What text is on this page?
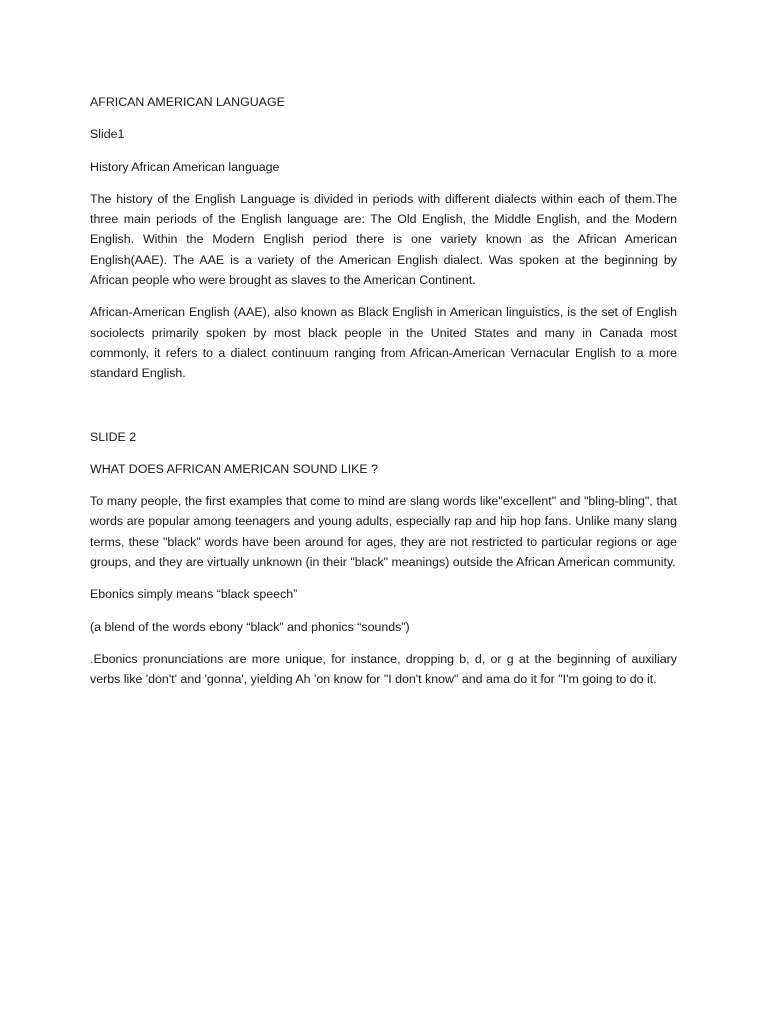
AFRICAN AMERICAN LANGUAGE

Slide1

History African American language

The history of the English Language is divided in periods with different dialects within each of them.The three main periods of the English language are: The Old English, the Middle English, and the Modern English. Within the Modern English period there is one variety known as the African American English(AAE). The AAE is a variety of the American English dialect. Was spoken at the beginning by African people who were brought as slaves to the American Continent.

African-American English (AAE), also known as Black English in American linguistics, is the set of English sociolects primarily spoken by most black people in the United States and many in Canada most commonly, it refers to a dialect continuum ranging from African-American Vernacular English to a more standard English.

SLIDE 2

WHAT DOES AFRICAN AMERICAN SOUND LIKE ?

To many people, the first examples that come to mind are slang words like"excellent" and "bling-bling", that words are popular among teenagers and young adults, especially rap and hip hop fans. Unlike many slang terms, these "black" words have been around for ages, they are not restricted to particular regions or age groups, and they are virtually unknown (in their "black" meanings) outside the African American community.

Ebonics simply means “black speech”

(a blend of the words ebony “black” and phonics “sounds”)

.Ebonics pronunciations are more unique, for instance, dropping b, d, or g at the beginning of auxiliary verbs like 'don't' and 'gonna', yielding Ah 'on know for "I don't know" and ama do it for "I'm going to do it.
